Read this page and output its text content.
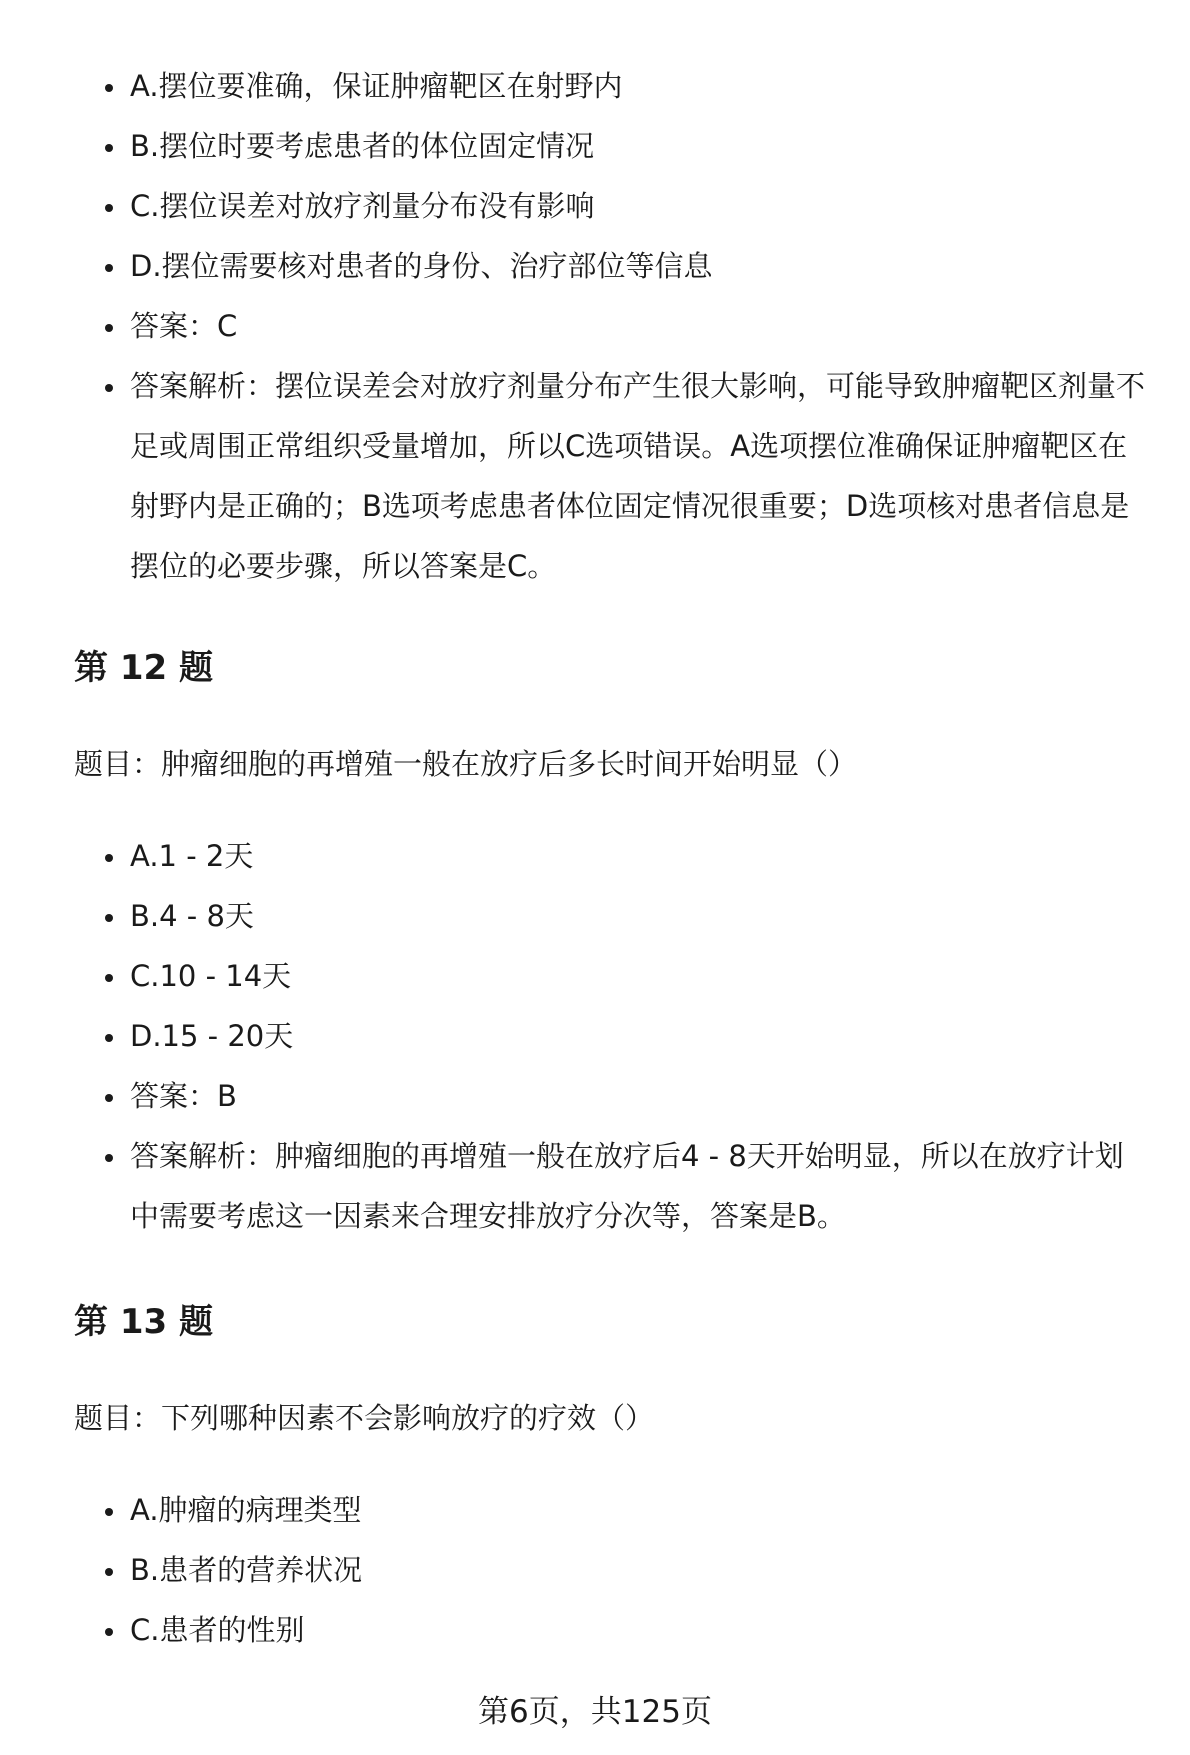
A.摆位要准确，保证肿瘤靶区在射野内
B.摆位时要考虑患者的体位固定情况
C.摆位误差对放疗剂量分布没有影响
D.摆位需要核对患者的身份、治疗部位等信息
答案：C
答案解析：摆位误差会对放疗剂量分布产生很大影响，可能导致肿瘤靶区剂量不足或周围正常组织受量增加，所以C选项错误。A选项摆位准确保证肿瘤靶区在射野内是正确的；B选项考虑患者体位固定情况很重要；D选项核对患者信息是摆位的必要步骤，所以答案是C。
第 12 题
题目：肿瘤细胞的再增殖一般在放疗后多长时间开始明显（）
A.1 - 2天
B.4 - 8天
C.10 - 14天
D.15 - 20天
答案：B
答案解析：肿瘤细胞的再增殖一般在放疗后4 - 8天开始明显，所以在放疗计划中需要考虑这一因素来合理安排放疗分次等，答案是B。
第 13 题
题目：下列哪种因素不会影响放疗的疗效（）
A.肿瘤的病理类型
B.患者的营养状况
C.患者的性别
第6页，共125页
